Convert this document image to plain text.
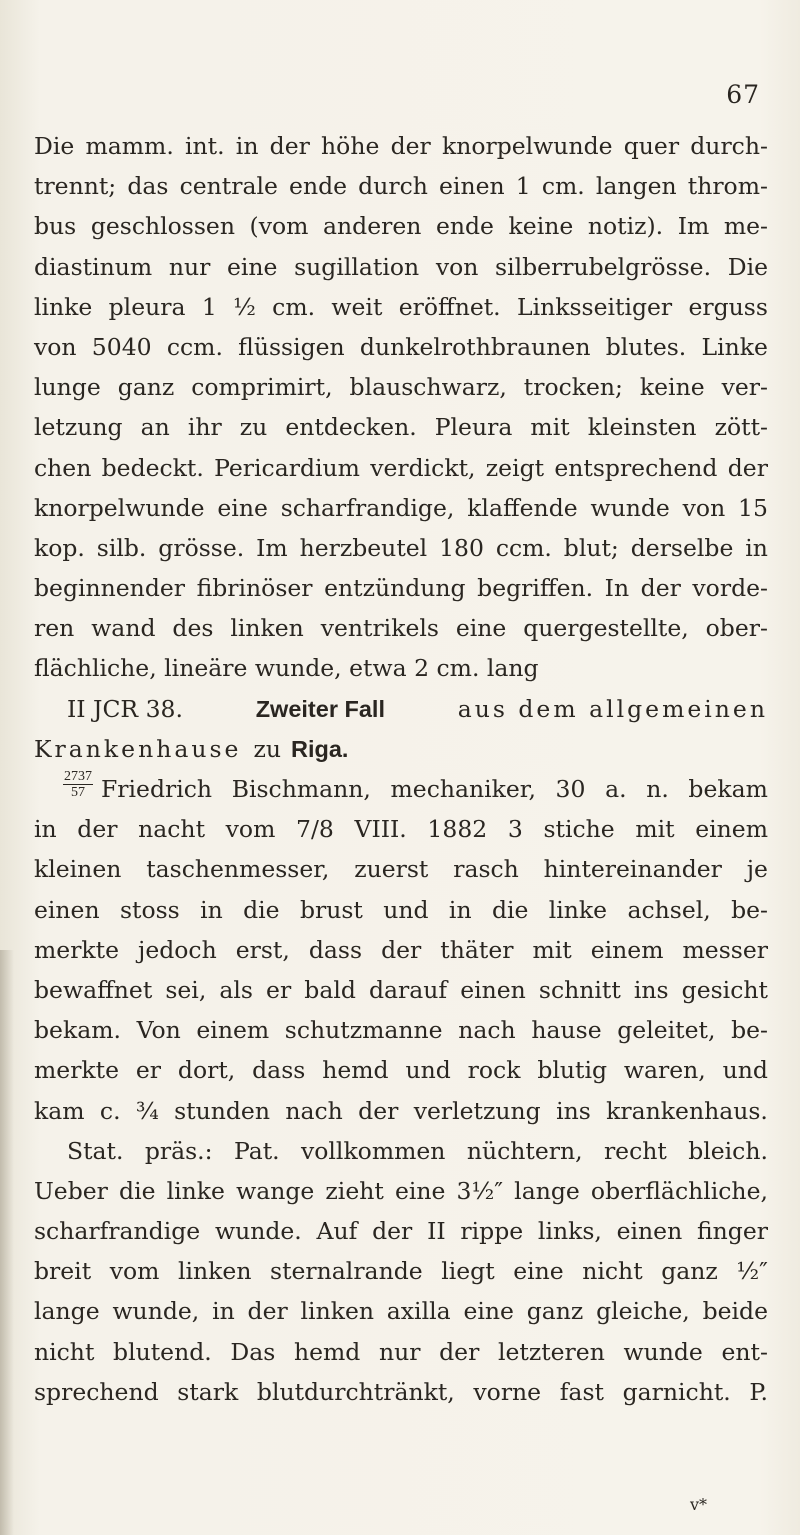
67
Die mamm. int. in der höhe der knorpelwunde quer durch-
trennt; das centrale ende durch einen 1 cm. langen throm-
bus geschlossen (vom anderen ende keine notiz). Im me-
diastinum nur eine sugillation von silberrubelgrösse. Die
linke pleura 1 ½ cm. weit eröffnet. Linksseitiger erguss
von 5040 ccm. flüssigen dunkelrothbraunen blutes. Linke
lunge ganz comprimirt, blauschwarz, trocken; keine ver-
letzung an ihr zu entdecken. Pleura mit kleinsten zött-
chen bedeckt. Pericardium verdickt, zeigt entsprechend der
knorpelwunde eine scharfrandige, klaffende wunde von 15
kop. silb. grösse. Im herzbeutel 180 ccm. blut; derselbe in
beginnender fibrinöser entzündung begriffen. In der vorde-
ren wand des linken ventrikels eine quergestellte, ober-
flächliche, lineäre wunde, etwa 2 cm. lang
II JCR 38.	Zweiter Fall	aus dem allgemeinen
Krankenhause zu Riga.
$\frac{2737}{57}$ Friedrich Bischmann, mechaniker, 30 a. n. bekam
in der nacht vom 7/8 VIII. 1882 3 stiche mit einem
kleinen taschenmesser, zuerst rasch hintereinander je
einen stoss in die brust und in die linke achsel, be-
merkte jedoch erst, dass der thäter mit einem messer
bewaffnet sei, als er bald darauf einen schnitt ins gesicht
bekam. Von einem schutzmanne nach hause geleitet, be-
merkte er dort, dass hemd und rock blutig waren, und
kam c. ¾ stunden nach der verletzung ins krankenhaus.
Stat. präs.: Pat. vollkommen nüchtern, recht bleich.
Ueber die linke wange zieht eine 3½″ lange oberflächliche,
scharfrandige wunde. Auf der II rippe links, einen finger
breit vom linken sternalrande liegt eine nicht ganz ½″
lange wunde, in der linken axilla eine ganz gleiche, beide
nicht blutend. Das hemd nur der letzteren wunde ent-
sprechend stark blutdurchtränkt, vorne fast garnicht. P.
v*
